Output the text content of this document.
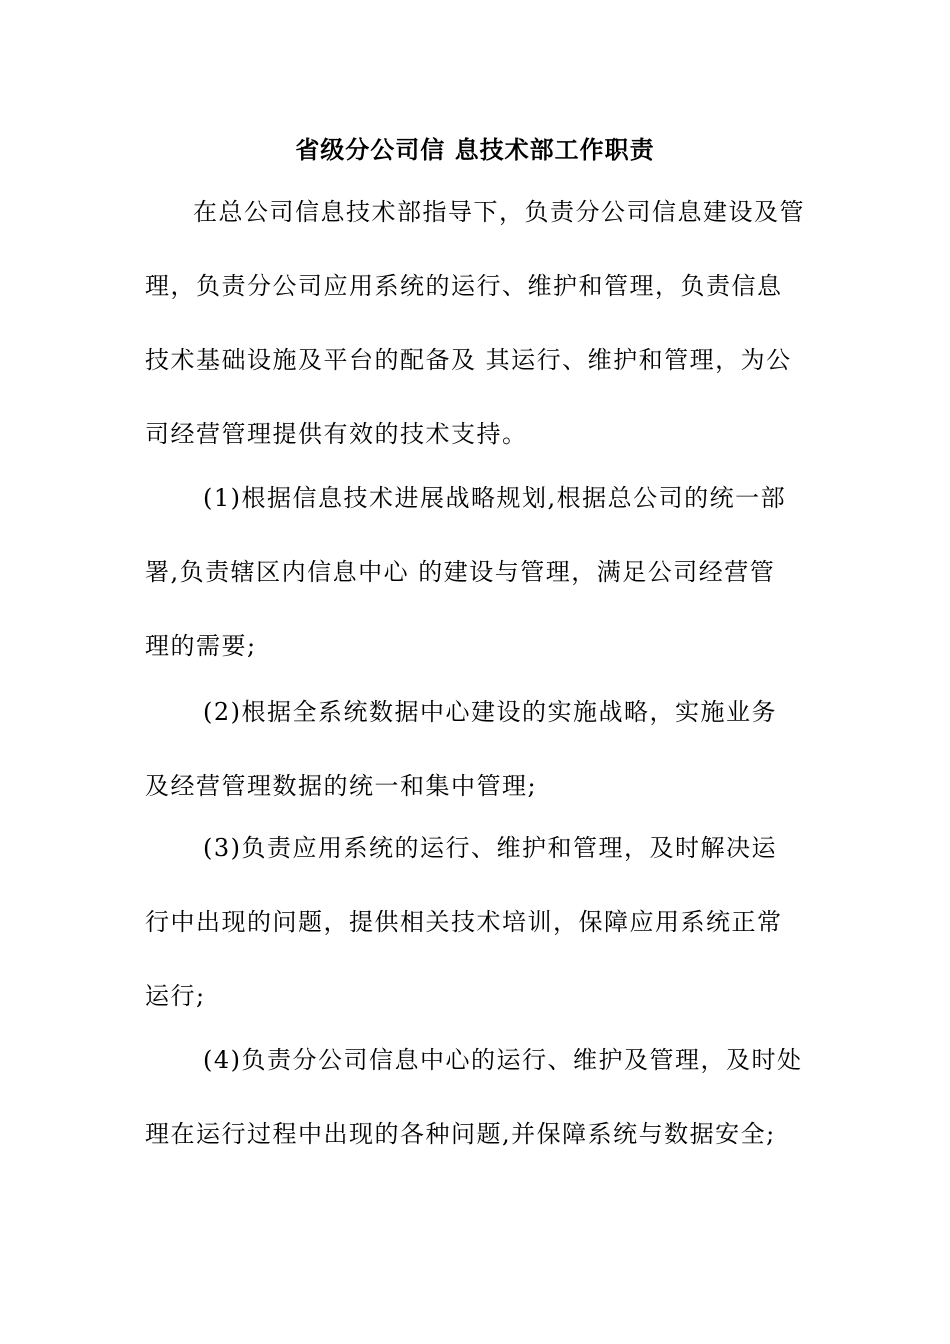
省级分公司信 息技术部工作职责
在总公司信息技术部指导下，负责分公司信息建设及管
理，负责分公司应用系统的运行、维护和管理，负责信息
技术基础设施及平台的配备及 其运行、维护和管理，为公
司经营管理提供有效的技术支持。
(1)根据信息技术进展战略规划,根据总公司的统一部
署,负责辖区内信息中心 的建设与管理，满足公司经营管
理的需要;
(2)根据全系统数据中心建设的实施战略，实施业务
及经营管理数据的统一和集中管理;
(3)负责应用系统的运行、维护和管理，及时解决运
行中出现的问题，提供相关技术培训，保障应用系统正常
运行;
(4)负责分公司信息中心的运行、维护及管理，及时处
理在运行过程中出现的各种问题,并保障系统与数据安全;
